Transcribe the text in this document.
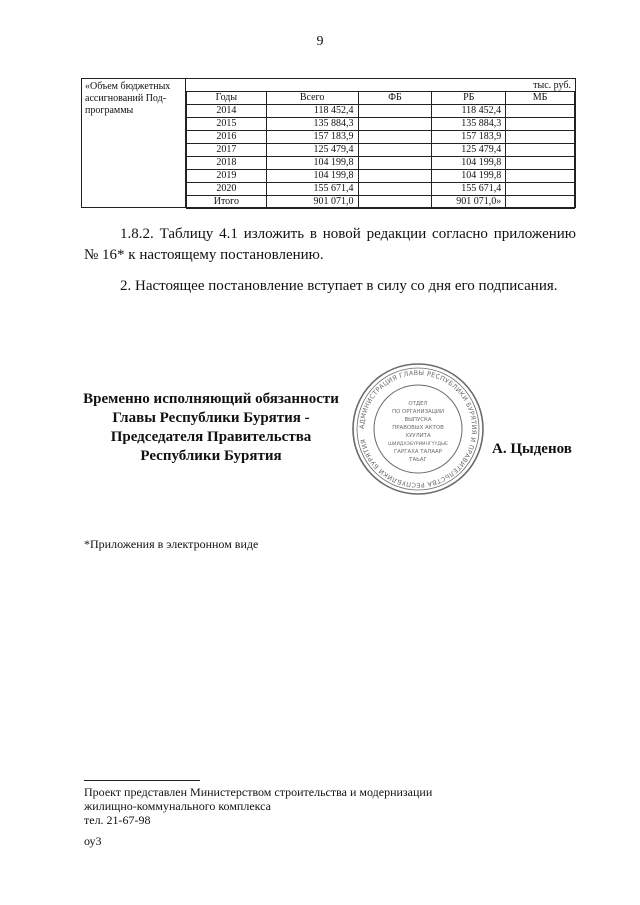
9
«Объем бюджетных ассигнований Под-программы
тыс. руб.
Годы	Всего	ФБ	РБ	МБ
2014	118 452,4		118 452,4	
2015	135 884,3		135 884,3	
2016	157 183,9		157 183,9	
2017	125 479,4		125 479,4	
2018	104 199,8		104 199,8	
2019	104 199,8		104 199,8	
2020	155 671,4		155 671,4	
Итого	901 071,0		901 071,0»	
1.8.2. Таблицу 4.1 изложить в новой редакции согласно приложению № 16* к настоящему постановлению.
2. Настоящее постановление вступает в силу со дня его подписания.
Временно исполняющий обязанности
Главы Республики Бурятия -
Председателя Правительства
Республики Бурятия
АДМИНИСТРАЦИЯ ГЛАВЫ РЕСПУБЛИКИ БУРЯТИЯ И ПРАВИТЕЛЬСТВА РЕСПУБЛИКИ БУРЯТИЯ
ОТДЕЛ
ПО ОРГАНИЗАЦИИ
ВЫПУСКА
ПРАВОВЫХ АКТОВ
ХУУЛИТА
ШИИДХЭБҮРИИНГҮҮДЫЕ
ГАРГАХА ТАЛААР
ТАЬАГ
А. Цыденов
*Приложения в электронном виде
Проект представлен Министерством строительства и модернизации
жилищно-коммунального комплекса
тел. 21-67-98
оу3
